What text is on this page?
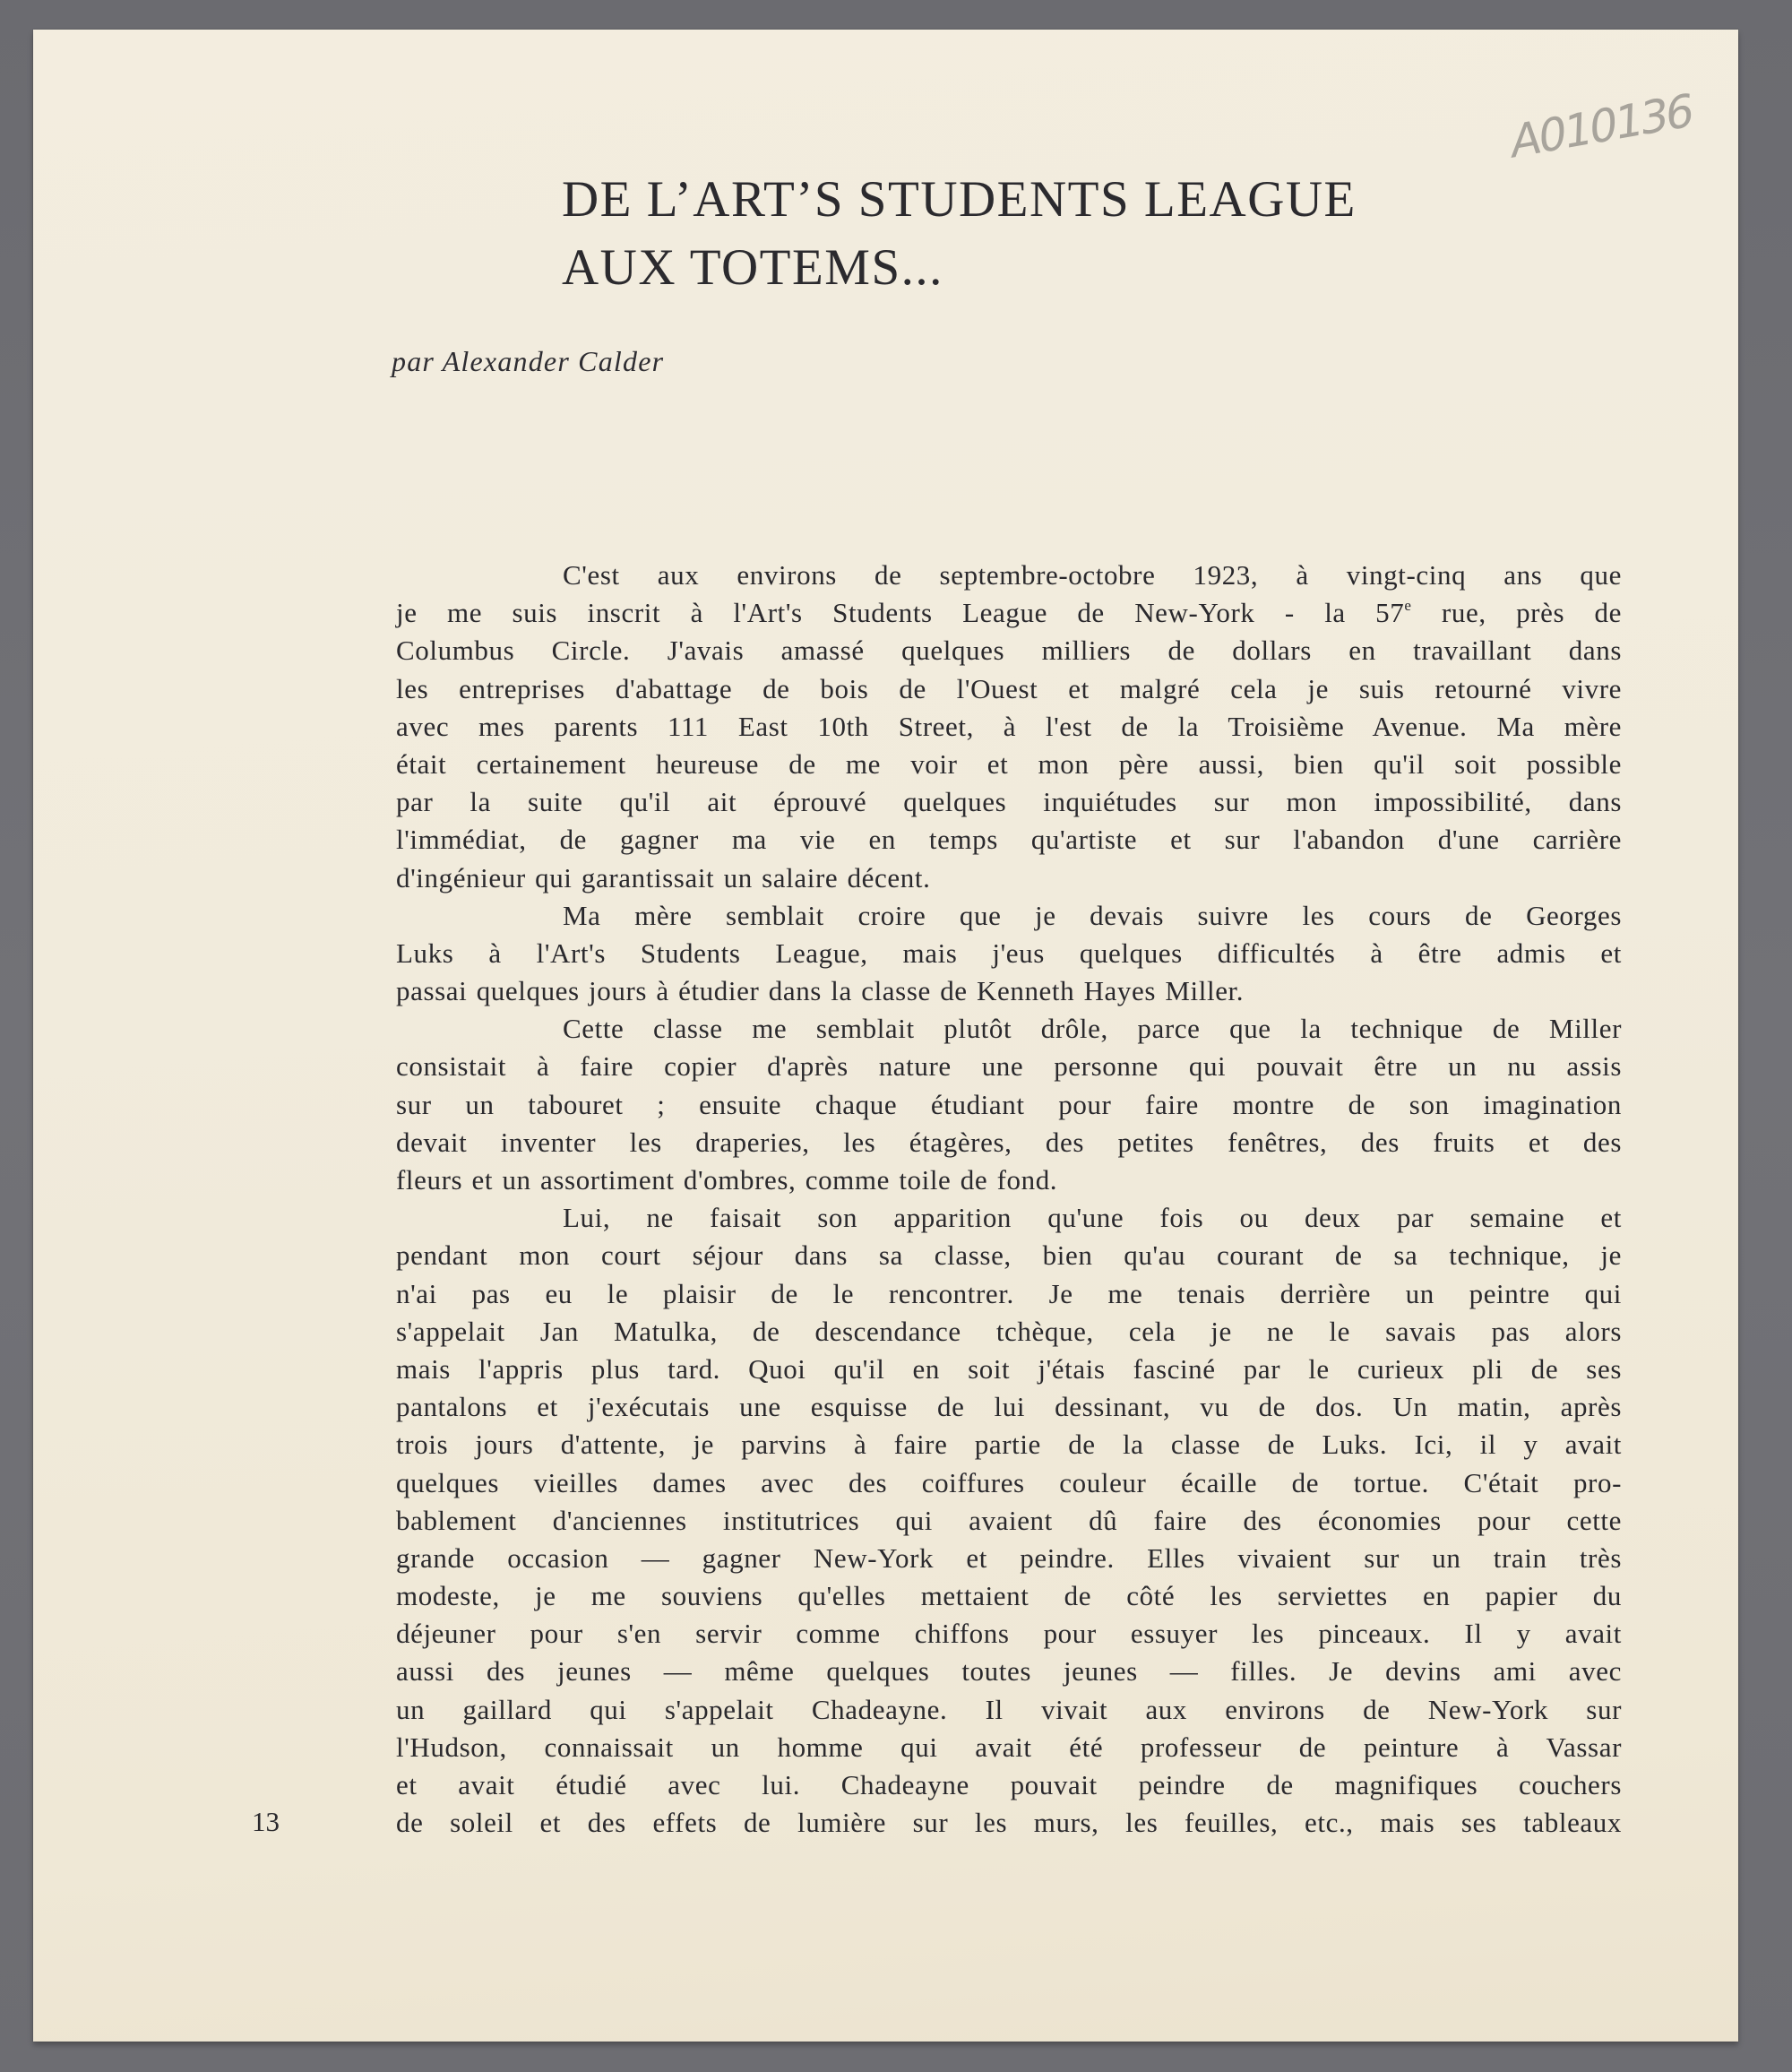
A010136
DE L’ART’S STUDENTS LEAGUE
AUX TOTEMS...
par Alexander Calder
C'est aux environs de septembre-octobre 1923, à vingt-cinq ans que
je me suis inscrit à l'Art's Students League de New-York - la 57e rue, près de
Columbus Circle. J'avais amassé quelques milliers de dollars en travaillant dans
les entreprises d'abattage de bois de l'Ouest et malgré cela je suis retourné vivre
avec mes parents 111 East 10th Street, à l'est de la Troisième Avenue. Ma mère
était certainement heureuse de me voir et mon père aussi, bien qu'il soit possible
par la suite qu'il ait éprouvé quelques inquiétudes sur mon impossibilité, dans
l'immédiat, de gagner ma vie en temps qu'artiste et sur l'abandon d'une carrière
d'ingénieur qui garantissait un salaire décent.
Ma mère semblait croire que je devais suivre les cours de Georges
Luks à l'Art's Students League, mais j'eus quelques difficultés à être admis et
passai quelques jours à étudier dans la classe de Kenneth Hayes Miller.
Cette classe me semblait plutôt drôle, parce que la technique de Miller
consistait à faire copier d'après nature une personne qui pouvait être un nu assis
sur un tabouret ; ensuite chaque étudiant pour faire montre de son imagination
devait inventer les draperies, les étagères, des petites fenêtres, des fruits et des
fleurs et un assortiment d'ombres, comme toile de fond.
Lui, ne faisait son apparition qu'une fois ou deux par semaine et
pendant mon court séjour dans sa classe, bien qu'au courant de sa technique, je
n'ai pas eu le plaisir de le rencontrer. Je me tenais derrière un peintre qui
s'appelait Jan Matulka, de descendance tchèque, cela je ne le savais pas alors
mais l'appris plus tard. Quoi qu'il en soit j'étais fasciné par le curieux pli de ses
pantalons et j'exécutais une esquisse de lui dessinant, vu de dos. Un matin, après
trois jours d'attente, je parvins à faire partie de la classe de Luks. Ici, il y avait
quelques vieilles dames avec des coiffures couleur écaille de tortue. C'était pro-
bablement d'anciennes institutrices qui avaient dû faire des économies pour cette
grande occasion — gagner New-York et peindre. Elles vivaient sur un train très
modeste, je me souviens qu'elles mettaient de côté les serviettes en papier du
déjeuner pour s'en servir comme chiffons pour essuyer les pinceaux. Il y avait
aussi des jeunes — même quelques toutes jeunes — filles. Je devins ami avec
un gaillard qui s'appelait Chadeayne. Il vivait aux environs de New-York sur
l'Hudson, connaissait un homme qui avait été professeur de peinture à Vassar
et avait étudié avec lui. Chadeayne pouvait peindre de magnifiques couchers
de soleil et des effets de lumière sur les murs, les feuilles, etc., mais ses tableaux
13
